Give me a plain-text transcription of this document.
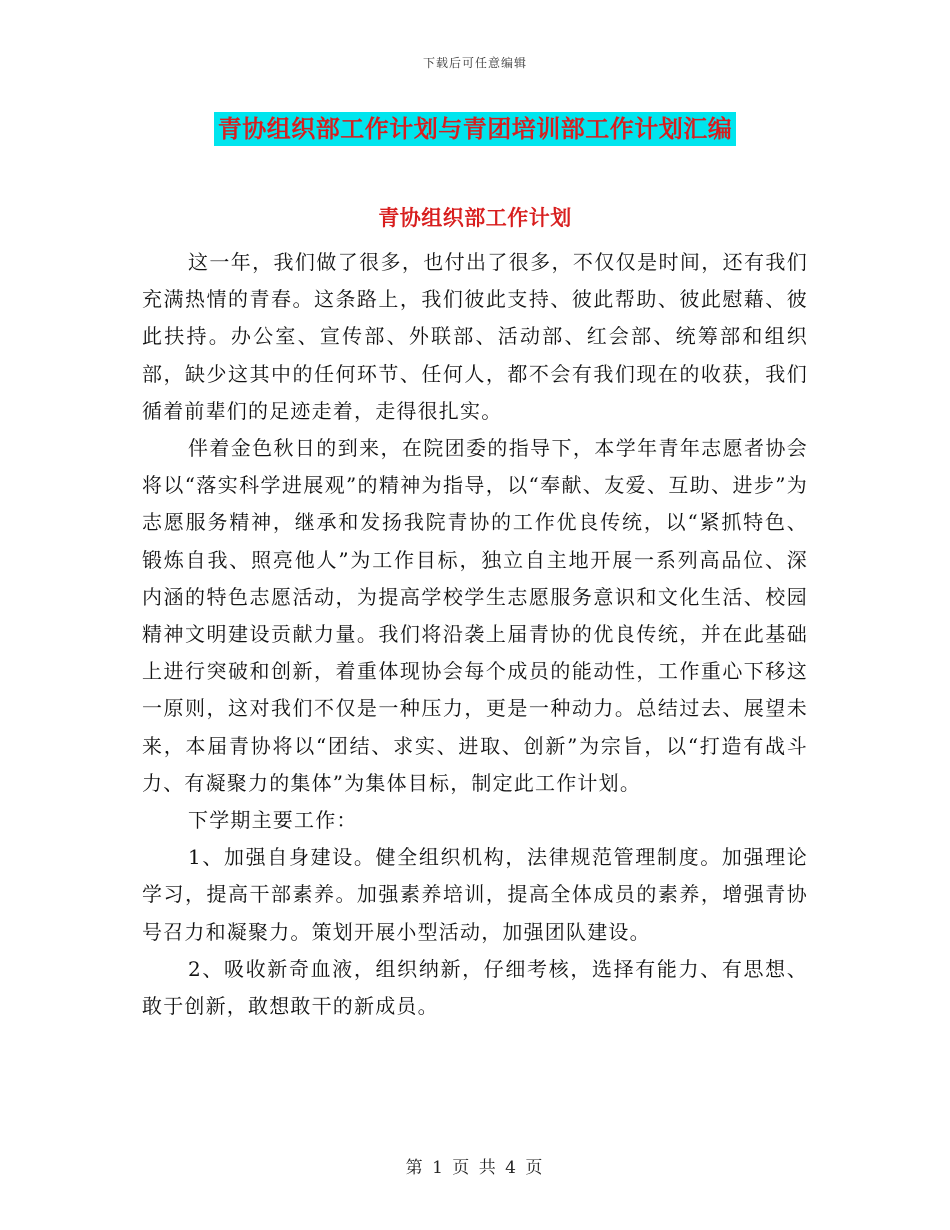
下载后可任意编辑
青协组织部工作计划与青团培训部工作计划汇编
青协组织部工作计划

这一年，我们做了很多，也付出了很多，不仅仅是时间，还有我们充满热情的青春。这条路上，我们彼此支持、彼此帮助、彼此慰藉、彼此扶持。办公室、宣传部、外联部、活动部、红会部、统筹部和组织部，缺少这其中的任何环节、任何人，都不会有我们现在的收获，我们循着前辈们的足迹走着，走得很扎实。

伴着金色秋日的到来，在院团委的指导下，本学年青年志愿者协会将以“落实科学进展观”的精神为指导，以“奉献、友爱、互助、进步”为志愿服务精神，继承和发扬我院青协的工作优良传统，以“紧抓特色、锻炼自我、照亮他人”为工作目标，独立自主地开展一系列高品位、深内涵的特色志愿活动，为提高学校学生志愿服务意识和文化生活、校园精神文明建设贡献力量。我们将沿袭上届青协的优良传统，并在此基础上进行突破和创新，着重体现协会每个成员的能动性，工作重心下移这一原则，这对我们不仅是一种压力，更是一种动力。总结过去、展望未来，本届青协将以“团结、求实、进取、创新”为宗旨，以“打造有战斗力、有凝聚力的集体”为集体目标，制定此工作计划。

下学期主要工作：

1、加强自身建设。健全组织机构，法律规范管理制度。加强理论学习，提高干部素养。加强素养培训，提高全体成员的素养，增强青协号召力和凝聚力。策划开展小型活动，加强团队建设。

2、吸收新奇血液，组织纳新，仔细考核，选择有能力、有思想、敢于创新，敢想敢干的新成员。

第 1 页 共 4 页
